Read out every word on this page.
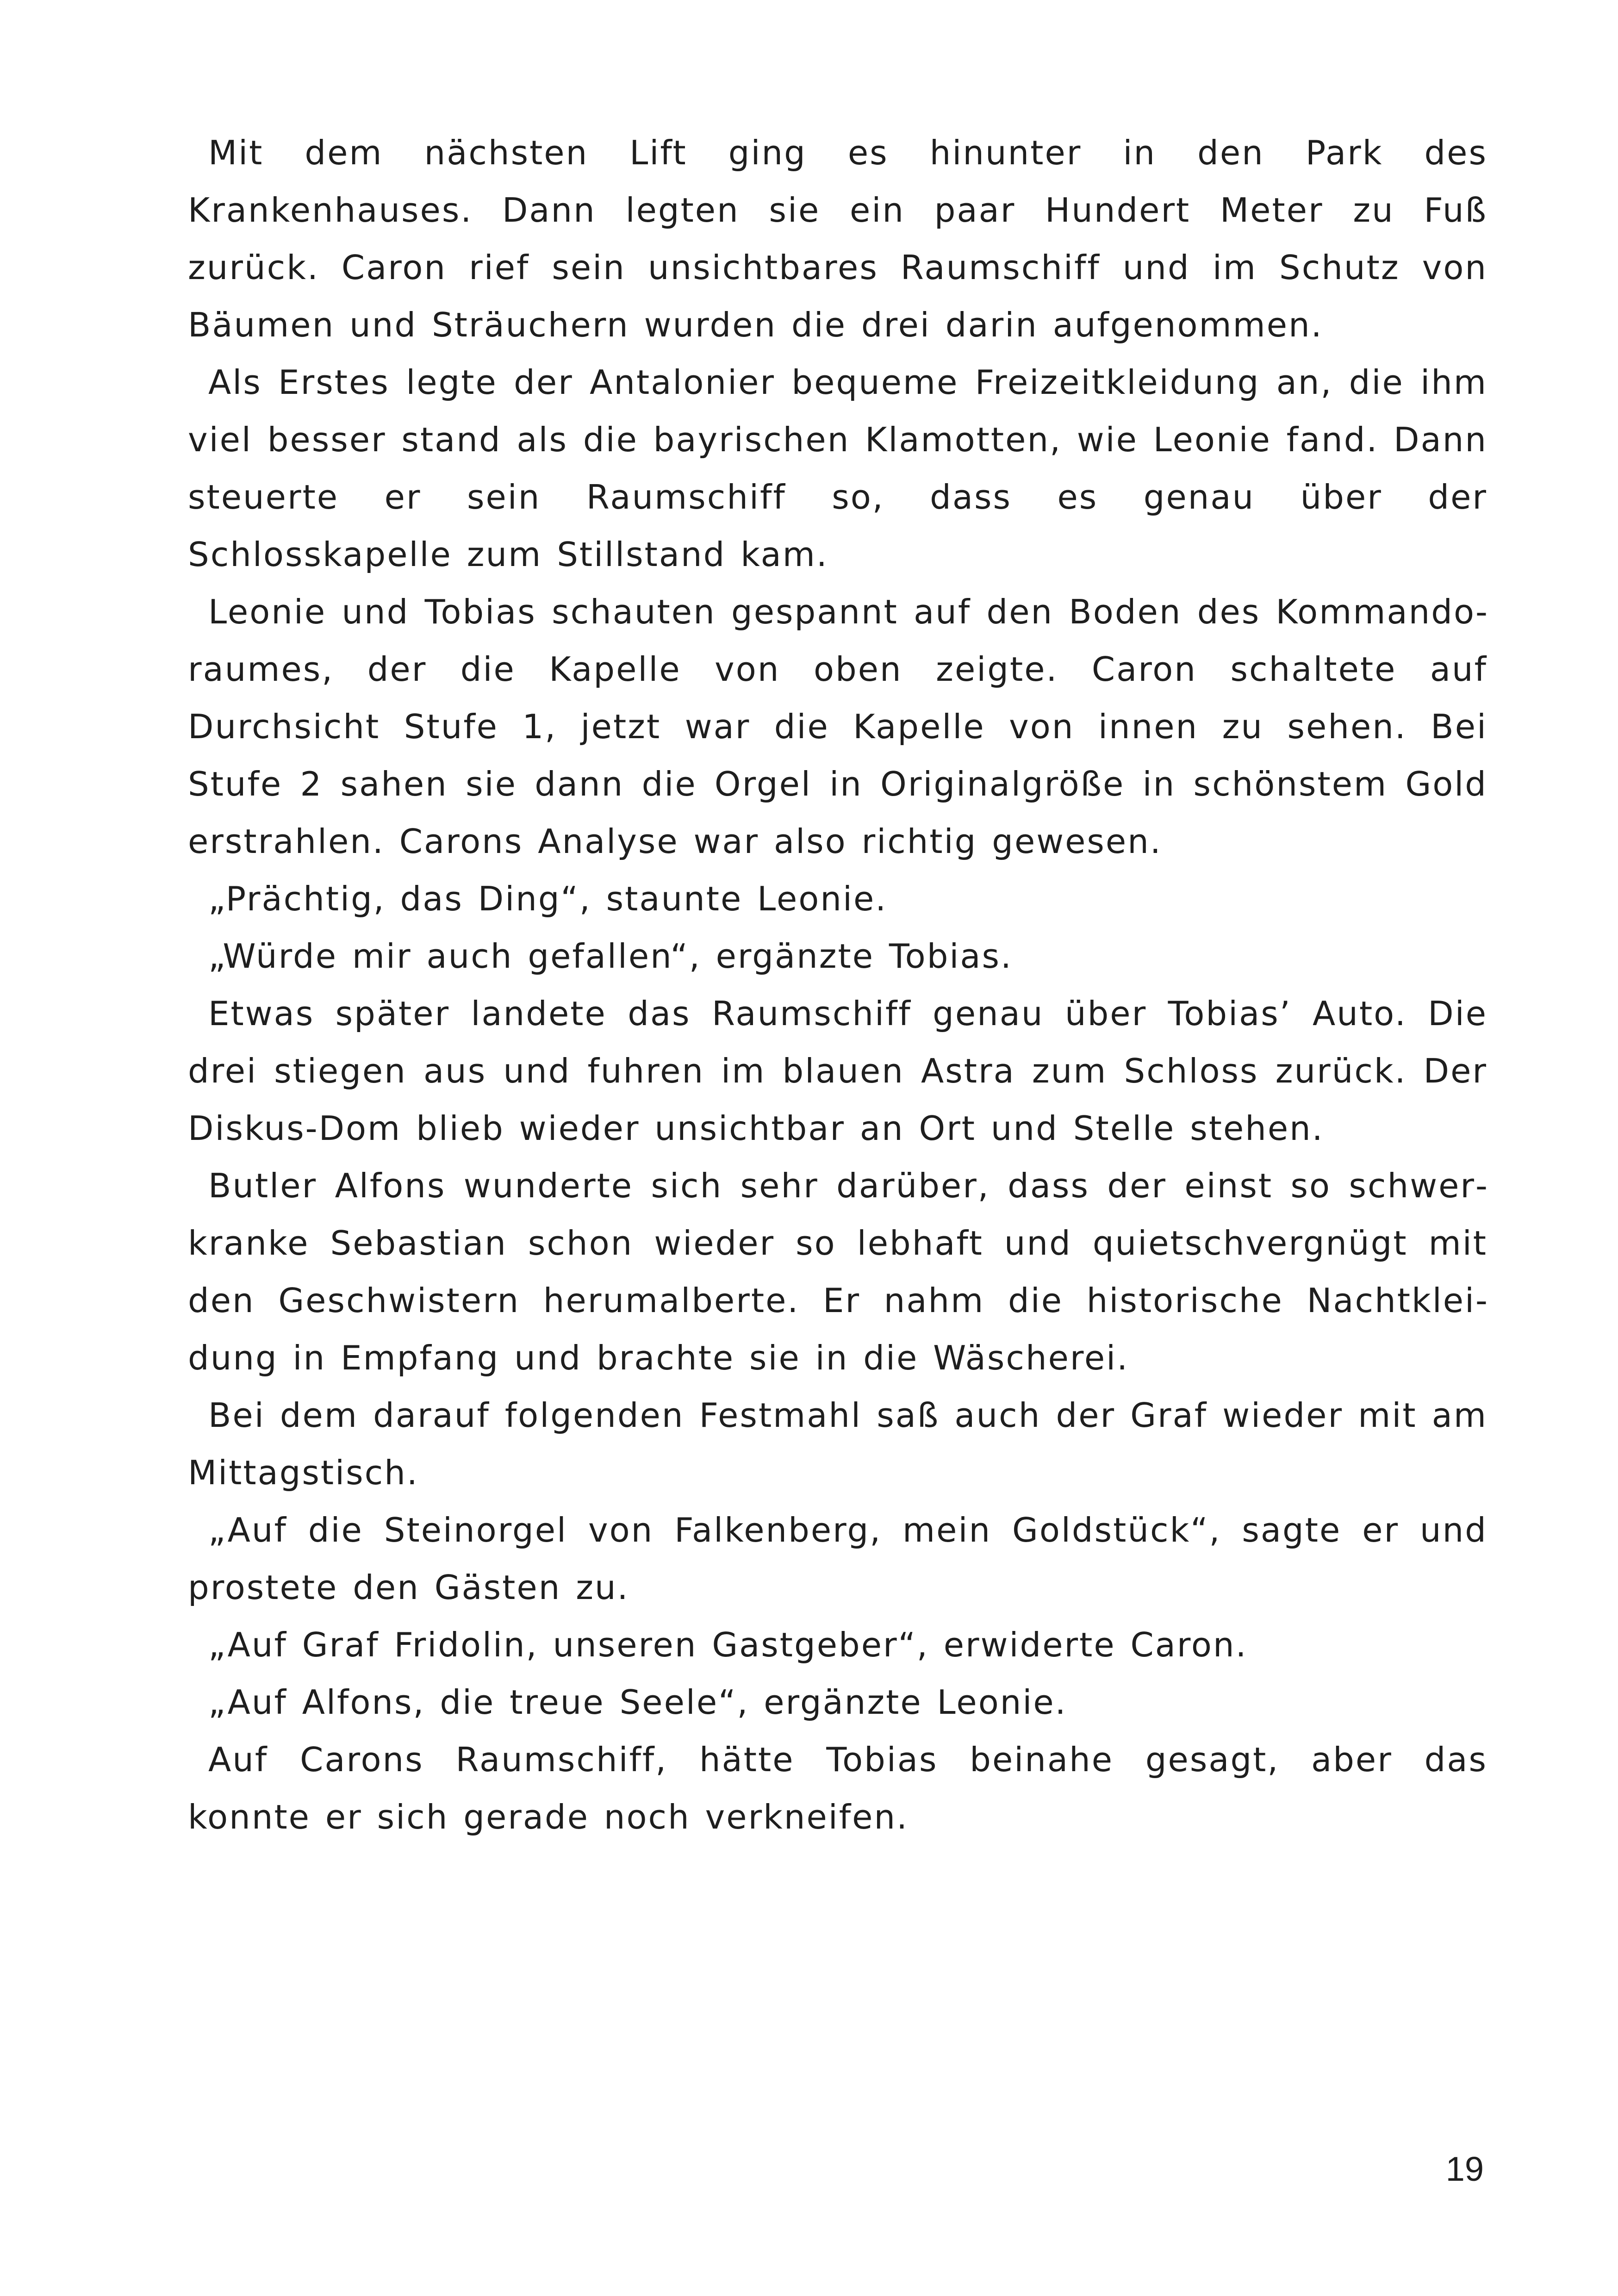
Mit dem nächsten Lift ging es hinunter in den Park des Krankenhauses. Dann legten sie ein paar Hundert Meter zu Fuß zurück. Caron rief sein unsichtbares Raumschiff und im Schutz von Bäumen und Sträuchern wurden die drei darin aufgenommen.

Als Erstes legte der Antalonier bequeme Freizeitkleidung an, die ihm viel besser stand als die bayrischen Klamotten, wie Leonie fand. Dann steuerte er sein Raumschiff so, dass es genau über der Schlosskapelle zum Stillstand kam.

Leonie und Tobias schauten gespannt auf den Boden des Kommandoraumes, der die Kapelle von oben zeigte. Caron schaltete auf Durchsicht Stufe 1, jetzt war die Kapelle von innen zu sehen. Bei Stufe 2 sahen sie dann die Orgel in Originalgröße in schönstem Gold erstrahlen. Carons Analyse war also richtig gewesen.

„Prächtig, das Ding“, staunte Leonie.

„Würde mir auch gefallen“, ergänzte Tobias.

Etwas später landete das Raumschiff genau über Tobias’ Auto. Die drei stiegen aus und fuhren im blauen Astra zum Schloss zurück. Der Diskus-Dom blieb wieder unsichtbar an Ort und Stelle stehen.

Butler Alfons wunderte sich sehr darüber, dass der einst so schwerkranke Sebastian schon wieder so lebhaft und quietschvergnügt mit den Geschwistern herumalberte. Er nahm die historische Nachtkleidung in Empfang und brachte sie in die Wäscherei.

Bei dem darauf folgenden Festmahl saß auch der Graf wieder mit am Mittagstisch.

„Auf die Steinorgel von Falkenberg, mein Goldstück“, sagte er und prostete den Gästen zu.

„Auf Graf Fridolin, unseren Gastgeber“, erwiderte Caron.

„Auf Alfons, die treue Seele“, ergänzte Leonie.

Auf Carons Raumschiff, hätte Tobias beinahe gesagt, aber das konnte er sich gerade noch verkneifen.

19
